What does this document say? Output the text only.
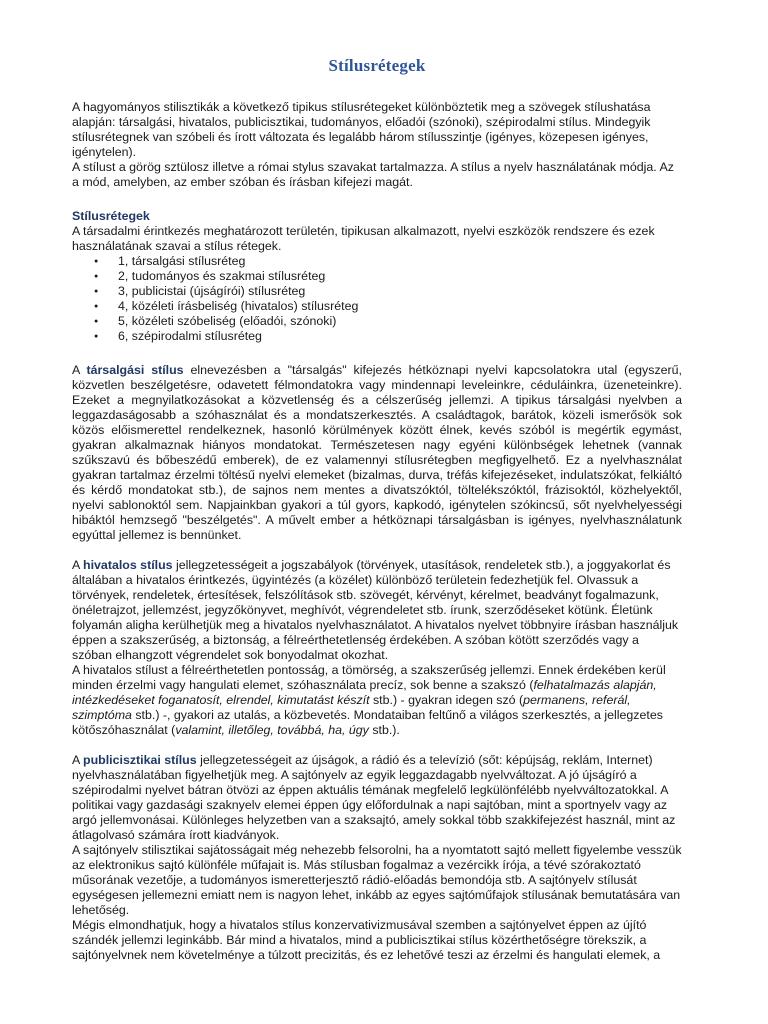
Stílusrétegek

A hagyományos stilisztikák a következő tipikus stílusrétegeket különböztetik meg a szövegek stílushatása alapján: társalgási, hivatalos, publicisztikai, tudományos, előadói (szónoki), szépirodalmi stílus. Mindegyik stílusrétegnek van szóbeli és írott változata és legalább három stílusszintje (igényes, közepesen igényes, igénytelen).

A stílust a görög sztülosz illetve a római stylus szavakat tartalmazza. A stílus a nyelv használatának módja. Az a mód, amelyben, az ember szóban és írásban kifejezi magát.

Stílusrétegek

A társadalmi érintkezés meghatározott területén, tipikusan alkalmazott, nyelvi eszközök rendszere és ezek használatának szavai a stílus rétegek.

● 1, társalgási stílusréteg
● 2, tudományos és szakmai stílusréteg
● 3, publicistai (újságírói) stílusréteg
● 4, közéleti írásbeliség (hivatalos) stílusréteg
● 5, közéleti szóbeliség (előadói, szónoki)
● 6, szépirodalmi stílusréteg

A társalgási stílus elnevezésben a "társalgás" kifejezés hétköznapi nyelvi kapcsolatokra utal (egyszerű, közvetlen beszélgetésre, odavetett félmondatokra vagy mindennapi leveleinkre, céduláinkra, üzeneteinkre). Ezeket a megnyilatkozásokat a közvetlenség és a célszerűség jellemzi. A tipikus társalgási nyelvben a leggazdaságosabb a szóhasználat és a mondatszerkesztés. A családtagok, barátok, közeli ismerősök sok közös előismerettel rendelkeznek, hasonló körülmények között élnek, kevés szóból is megértik egymást, gyakran alkalmaznak hiányos mondatokat. Természetesen nagy egyéni különbségek lehetnek (vannak szűkszavú és bőbeszédű emberek), de ez valamennyi stílusrétegben megfigyelhető. Ez a nyelvhasználat gyakran tartalmaz érzelmi töltésű nyelvi elemeket (bizalmas, durva, tréfás kifejezéseket, indulatszókat, felkiáltó és kérdő mondatokat stb.), de sajnos nem mentes a divatszóktól, töltelékszóktól, frázisoktól, közhelyektől, nyelvi sablonoktól sem. Napjainkban gyakori a túl gyors, kapkodó, igénytelen szókincsű, sőt nyelvhelyességi hibáktól hemzsegő "beszélgetés". A művelt ember a hétköznapi társalgásban is igényes, nyelvhasználatunk egyúttal jellemez is bennünket.

A hivatalos stílus jellegzetességeit a jogszabályok (törvények, utasítások, rendeletek stb.), a joggyakorlat és általában a hivatalos érintkezés, ügyintézés (a közélet) különböző területein fedezhetjük fel. Olvassuk a törvények, rendeletek, értesítések, felszólítások stb. szövegét, kérvényt, kérelmet, beadványt fogalmazunk, önéletrajzot, jellemzést, jegyzőkönyvet, meghívót, végrendeletet stb. írunk, szerződéseket kötünk. Életünk folyamán aligha kerülhetjük meg a hivatalos nyelvhasználatot. A hivatalos nyelvet többnyire írásban használjuk éppen a szakszerűség, a biztonság, a félreérthetetlenség érdekében. A szóban kötött szerződés vagy a szóban elhangzott végrendelet sok bonyodalmat okozhat.

A hivatalos stílust a félreérthetetlen pontosság, a tömörség, a szakszerűség jellemzi. Ennek érdekében kerül minden érzelmi vagy hangulati elemet, szóhasználata precíz, sok benne a szakszó (felhatalmazás alapján, intézkedéseket foganatosít, elrendel, kimutatást készít stb.) - gyakran idegen szó (permanens, referál, szimptóma stb.) -, gyakori az utalás, a közbevetés. Mondataiban feltűnő a világos szerkesztés, a jellegzetes kötőszóhasználat (valamint, illetőleg, továbbá, ha, úgy stb.).

A publicisztikai stílus jellegzetességeit az újságok, a rádió és a televízió (sőt: képújság, reklám, Internet) nyelvhasználatában figyelhetjük meg. A sajtónyelv az egyik leggazdagabb nyelvváltozat. A jó újságíró a szépirodalmi nyelvet bátran ötvözi az éppen aktuális témának megfelelő legkülönfélébb nyelvváltozatokkal. A politikai vagy gazdasági szaknyelv elemei éppen úgy előfordulnak a napi sajtóban, mint a sportnyelv vagy az argó jellemvonásai. Különleges helyzetben van a szaksajtó, amely sokkal több szakkifejezést használ, mint az átlagolvasó számára írott kiadványok.

A sajtónyelv stilisztikai sajátosságait még nehezebb felsorolni, ha a nyomtatott sajtó mellett figyelembe vesszük az elektronikus sajtó különféle műfajait is. Más stílusban fogalmaz a vezércikk írója, a tévé szórakoztató műsorának vezetője, a tudományos ismeretterjesztő rádió-előadás bemondója stb. A sajtónyelv stílusát egységesen jellemezni emiatt nem is nagyon lehet, inkább az egyes sajtóműfajok stílusának bemutatására van lehetőség.

Mégis elmondhatjuk, hogy a hivatalos stílus konzervativizmusával szemben a sajtónyelvet éppen az újító szándék jellemzi leginkább. Bár mind a hivatalos, mind a publicisztikai stílus közérthetőségre törekszik, a sajtónyelvnek nem követelménye a túlzott precizitás, és ez lehetővé teszi az érzelmi és hangulati elemek, a
